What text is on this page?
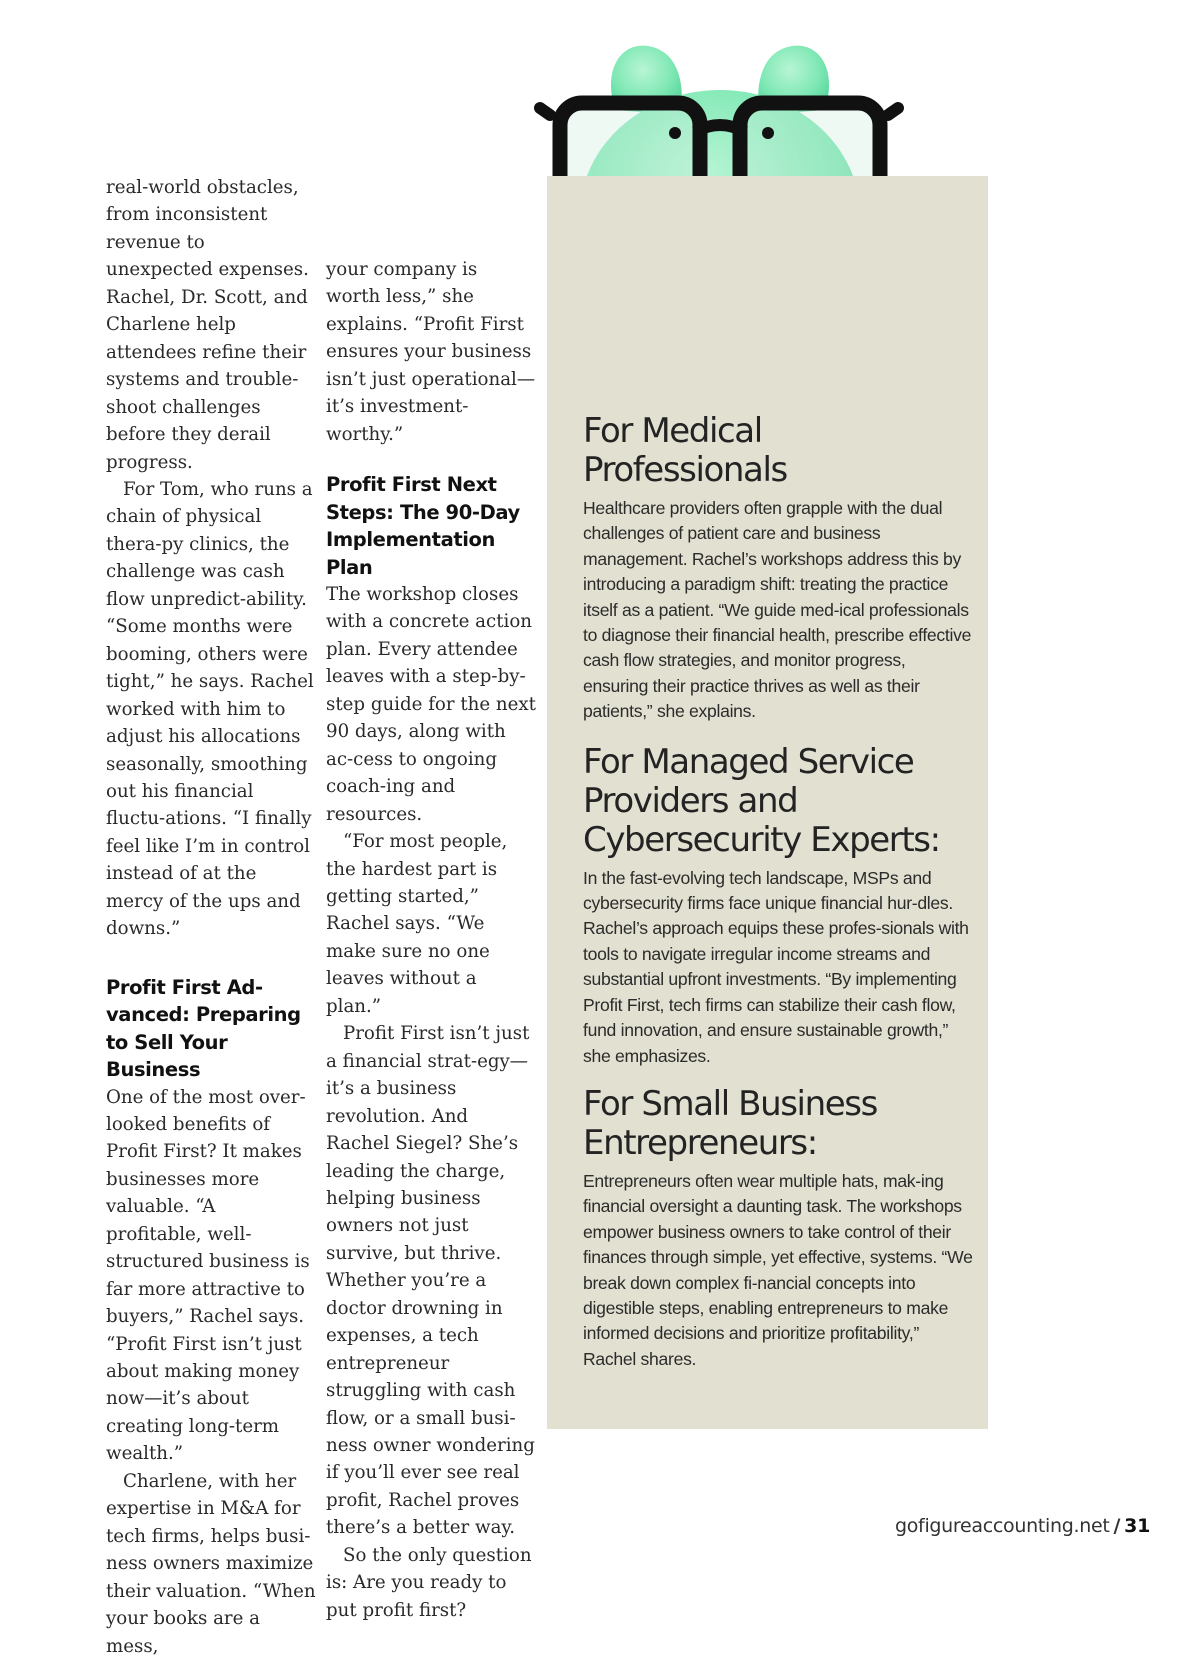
real-world obstacles, from inconsistent revenue to unexpected expenses. Rachel, Dr. Scott, and Charlene help attendees refine their systems and trouble-shoot challenges before they derail progress.

For Tom, who runs a chain of physical thera-py clinics, the challenge was cash flow unpredict-ability. “Some months were booming, others were tight,” he says. Rachel worked with him to adjust his allocations seasonally, smoothing out his financial fluctu-ations. “I finally feel like I’m in control instead of at the mercy of the ups and downs.”

Profit First Ad-vanced: Preparing to Sell Your Business

One of the most over-looked benefits of Profit First? It makes businesses more valuable. “A profitable, well-structured business is far more attractive to buyers,” Rachel says. “Profit First isn’t just about making money now—it’s about creating long-term wealth.”

Charlene, with her expertise in M&A for tech firms, helps busi-ness owners maximize their valuation. “When your books are a mess,

your company is worth less,” she explains. “Profit First ensures your business isn’t just operational—it’s investment-worthy.”

Profit First Next Steps: The 90-Day Implementation Plan

The workshop closes with a concrete action plan. Every attendee leaves with a step-by-step guide for the next 90 days, along with ac-cess to ongoing coach-ing and resources.

“For most people, the hardest part is getting started,” Rachel says. “We make sure no one leaves without a plan.”

Profit First isn’t just a financial strat-egy—it’s a business revolution. And Rachel Siegel? She’s leading the charge, helping business owners not just survive, but thrive. Whether you’re a doctor drowning in expenses, a tech entrepreneur struggling with cash flow, or a small busi-ness owner wondering if you’ll ever see real profit, Rachel proves there’s a better way.

So the only question is: Are you ready to put profit first?

For Medical Professionals

Healthcare providers often grapple with the dual challenges of patient care and business management. Rachel’s workshops address this by introducing a paradigm shift: treating the practice itself as a patient. “We guide med-ical professionals to diagnose their financial health, prescribe effective cash flow strategies, and monitor progress, ensuring their practice thrives as well as their patients,” she explains.

For Managed Service Providers and Cybersecurity Experts:

In the fast-evolving tech landscape, MSPs and cybersecurity firms face unique financial hur-dles. Rachel’s approach equips these profes-sionals with tools to navigate irregular income streams and substantial upfront investments. “By implementing Profit First, tech firms can stabilize their cash flow, fund innovation, and ensure sustainable growth,” she emphasizes.

For Small Business Entrepreneurs:

Entrepreneurs often wear multiple hats, mak-ing financial oversight a daunting task. The workshops empower business owners to take control of their finances through simple, yet effective, systems. “We break down complex fi-nancial concepts into digestible steps, enabling entrepreneurs to make informed decisions and prioritize profitability,” Rachel shares.

gofigureaccounting.net / 31
